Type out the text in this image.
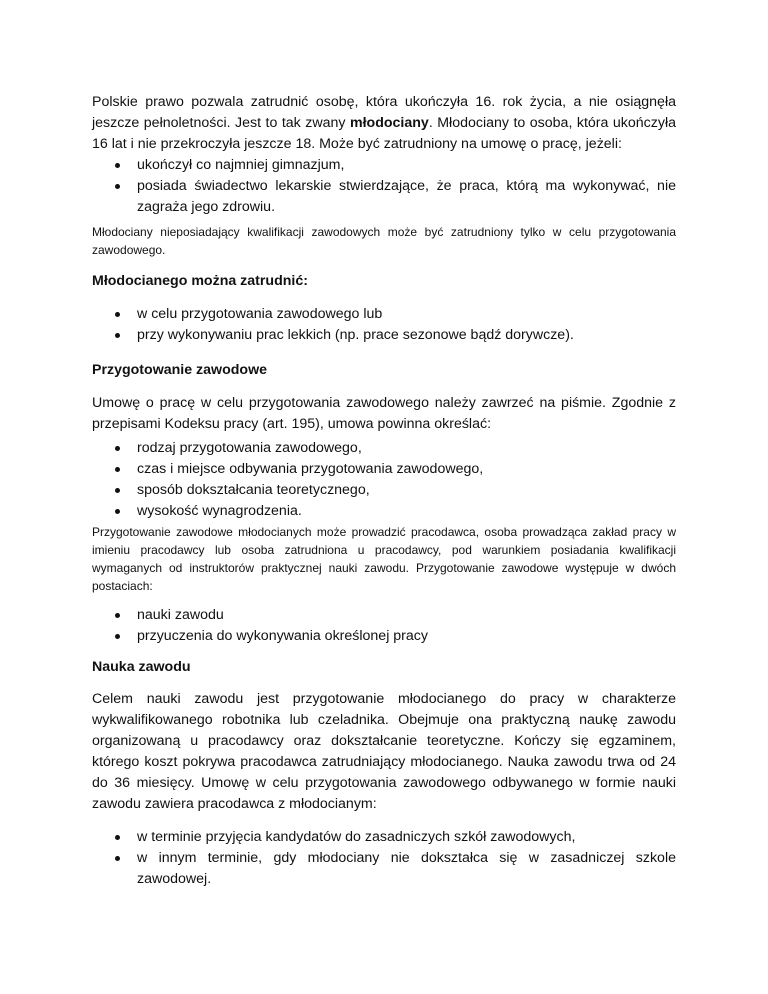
Polskie prawo pozwala zatrudnić osobę, która ukończyła 16. rok życia, a nie osiągnęła jeszcze pełnoletności. Jest to tak zwany młodociany. Młodociany to osoba, która ukończyła 16 lat i nie przekroczyła jeszcze 18. Może być zatrudniony na umowę o pracę, jeżeli:

ukończył co najmniej gimnazjum,
posiada świadectwo lekarskie stwierdzające, że praca, którą ma wykonywać, nie zagraża jego zdrowiu.

Młodociany nieposiadający kwalifikacji zawodowych może być zatrudniony tylko w celu przygotowania zawodowego.

Młodocianego można zatrudnić:

w celu przygotowania zawodowego lub
przy wykonywaniu prac lekkich (np. prace sezonowe bądź dorywcze).

Przygotowanie zawodowe

Umowę o pracę w celu przygotowania zawodowego należy zawrzeć na piśmie. Zgodnie z przepisami Kodeksu pracy (art. 195), umowa powinna określać:

rodzaj przygotowania zawodowego,
czas i miejsce odbywania przygotowania zawodowego,
sposób dokształcania teoretycznego,
wysokość wynagrodzenia.

Przygotowanie zawodowe młodocianych może prowadzić pracodawca, osoba prowadząca zakład pracy w imieniu pracodawcy lub osoba zatrudniona u pracodawcy, pod warunkiem posiadania kwalifikacji wymaganych od instruktorów praktycznej nauki zawodu. Przygotowanie zawodowe występuje w dwóch postaciach:

nauki zawodu
przyuczenia do wykonywania określonej pracy

Nauka zawodu

Celem nauki zawodu jest przygotowanie młodocianego do pracy w charakterze wykwalifikowanego robotnika lub czeladnika. Obejmuje ona praktyczną naukę zawodu organizowaną u pracodawcy oraz dokształcanie teoretyczne. Kończy się egzaminem, którego koszt pokrywa pracodawca zatrudniający młodocianego. Nauka zawodu trwa od 24 do 36 miesięcy. Umowę w celu przygotowania zawodowego odbywanego w formie nauki zawodu zawiera pracodawca z młodocianym:

w terminie przyjęcia kandydatów do zasadniczych szkół zawodowych,
w innym terminie, gdy młodociany nie dokształca się w zasadniczej szkole zawodowej.
